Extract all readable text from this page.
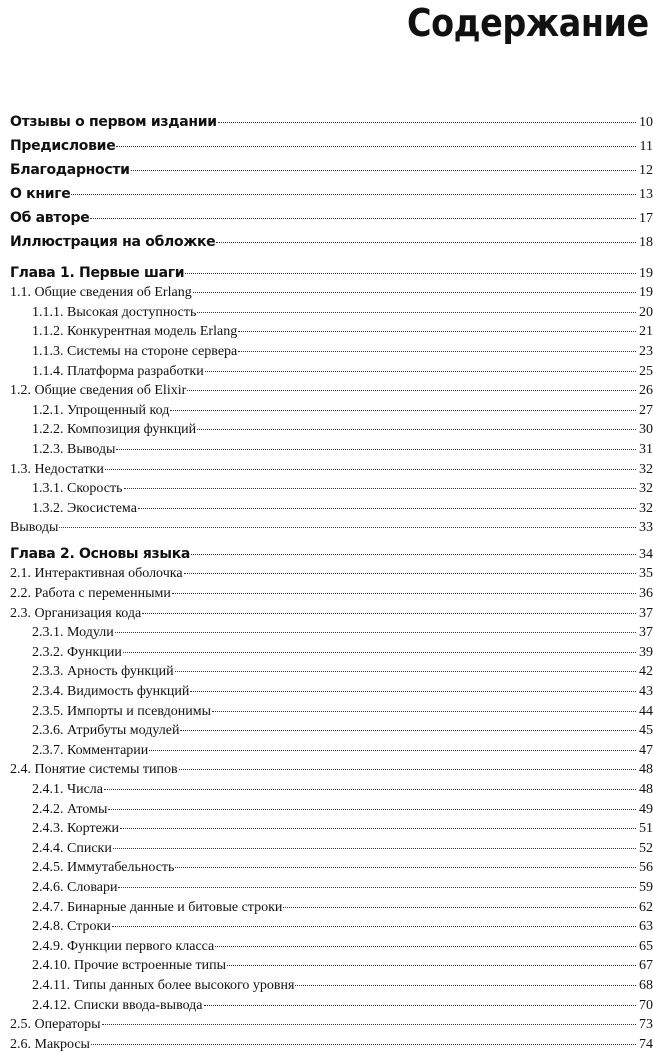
Содержание
Отзывы о первом издании	10
Предисловие	11
Благодарности	12
О книге	13
Об авторе	17
Иллюстрация на обложке	18
Глава 1. Первые шаги	19
1.1. Общие сведения об Erlang	19
1.1.1. Высокая доступность	20
1.1.2. Конкурентная модель Erlang	21
1.1.3. Системы на стороне сервера	23
1.1.4. Платформа разработки	25
1.2. Общие сведения об Elixir	26
1.2.1. Упрощенный код	27
1.2.2. Композиция функций	30
1.2.3. Выводы	31
1.3. Недостатки	32
1.3.1. Скорость	32
1.3.2. Экосистема	32
Выводы	33
Глава 2. Основы языка	34
2.1. Интерактивная оболочка	35
2.2. Работа с переменными	36
2.3. Организация кода	37
2.3.1. Модули	37
2.3.2. Функции	39
2.3.3. Арность функций	42
2.3.4. Видимость функций	43
2.3.5. Импорты и псевдонимы	44
2.3.6. Атрибуты модулей	45
2.3.7. Комментарии	47
2.4. Понятие системы типов	48
2.4.1. Числа	48
2.4.2. Атомы	49
2.4.3. Кортежи	51
2.4.4. Списки	52
2.4.5. Иммутабельность	56
2.4.6. Словари	59
2.4.7. Бинарные данные и битовые строки	62
2.4.8. Строки	63
2.4.9. Функции первого класса	65
2.4.10. Прочие встроенные типы	67
2.4.11. Типы данных более высокого уровня	68
2.4.12. Списки ввода-вывода	70
2.5. Операторы	73
2.6. Макросы	74
